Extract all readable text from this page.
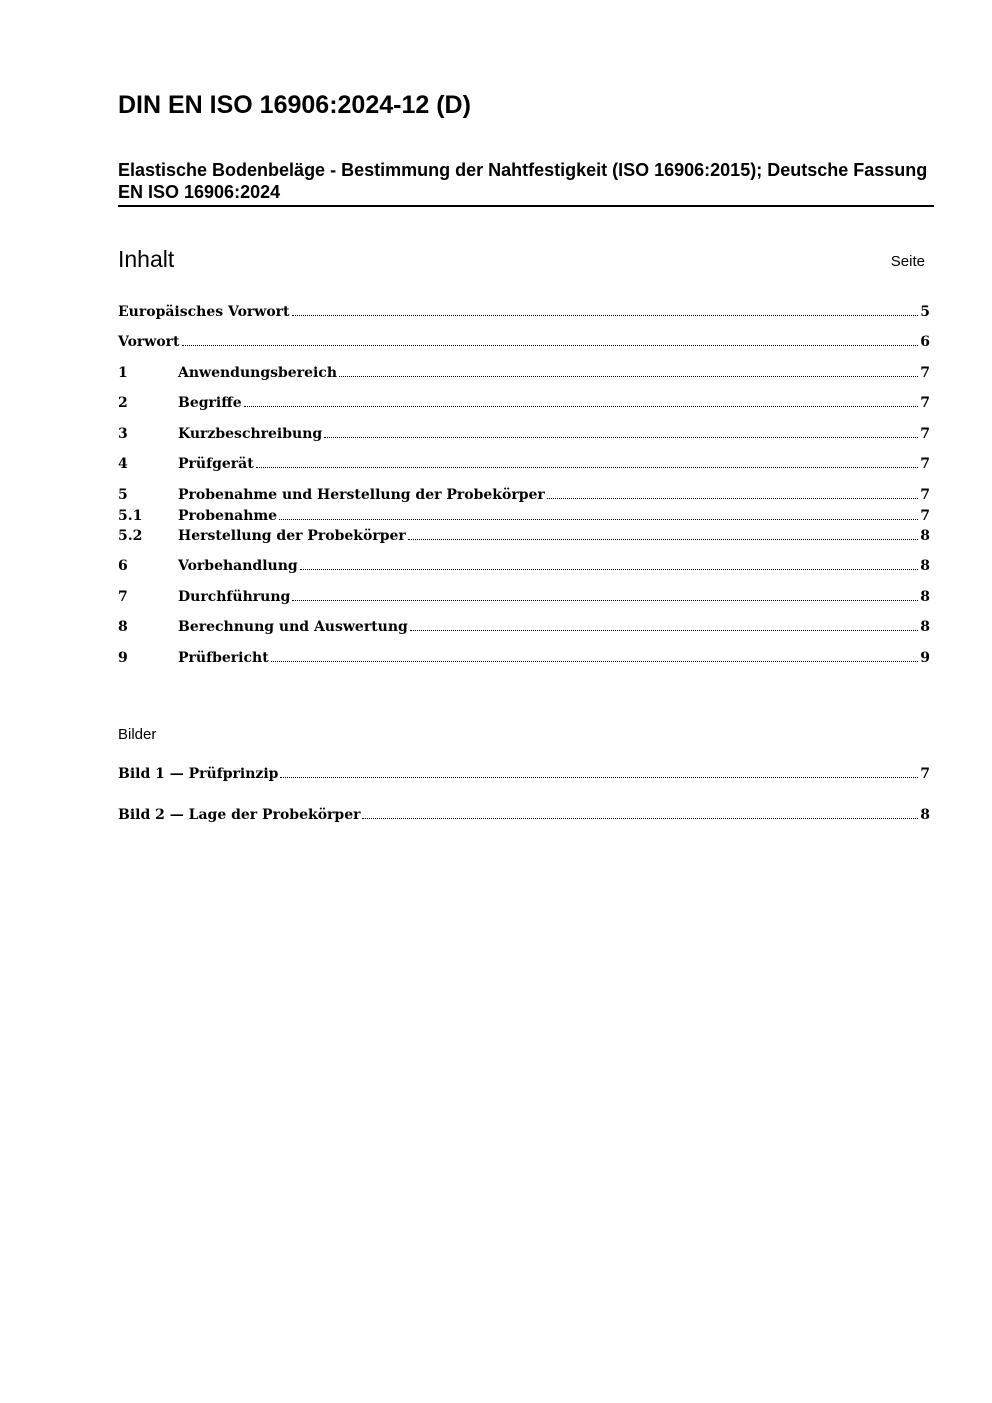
DIN EN ISO 16906:2024-12 (D)
Elastische Bodenbeläge - Bestimmung der Nahtfestigkeit (ISO 16906:2015); Deutsche Fassung EN ISO 16906:2024
Inhalt	Seite
Europäisches Vorwort	5
Vorwort	6
1	Anwendungsbereich	7
2	Begriffe	7
3	Kurzbeschreibung	7
4	Prüfgerät	7
5	Probenahme und Herstellung der Probekörper	7
5.1	Probenahme	7
5.2	Herstellung der Probekörper	8
6	Vorbehandlung	8
7	Durchführung	8
8	Berechnung und Auswertung	8
9	Prüfbericht	9
Bilder
Bild 1 — Prüfprinzip	7
Bild 2 — Lage der Probekörper	8
